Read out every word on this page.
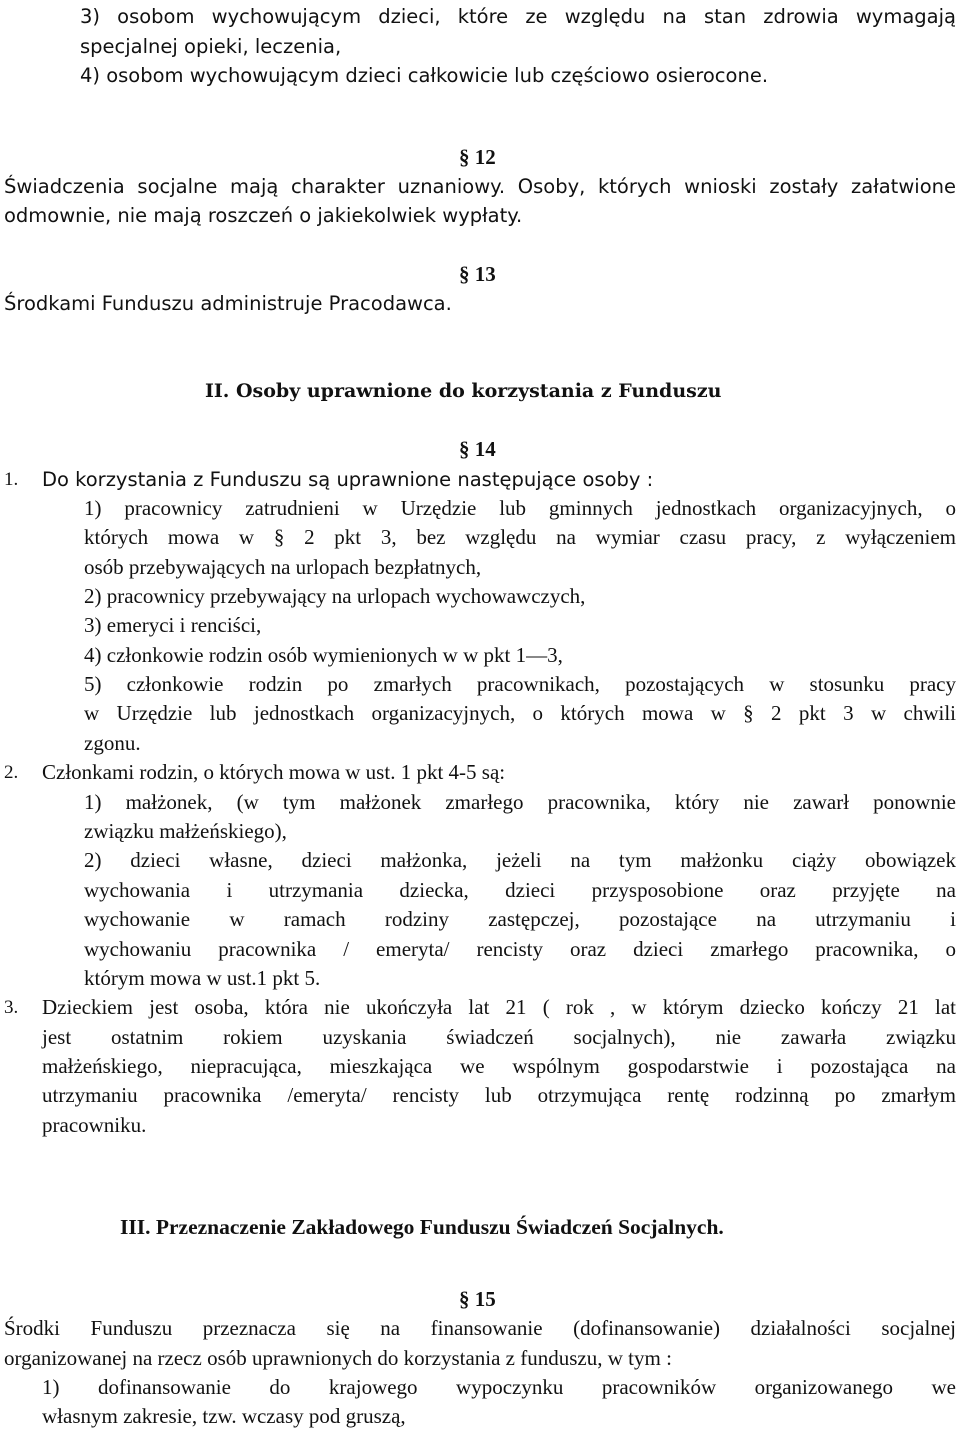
3) osobom wychowującym dzieci, które ze względu na stan zdrowia wymagają
specjalnej opieki, leczenia,
4) osobom wychowującym dzieci całkowicie lub częściowo osierocone.
§ 12
Świadczenia socjalne mają charakter uznaniowy. Osoby, których wnioski zostały załatwione
odmownie, nie mają roszczeń o jakiekolwiek wypłaty.
§ 13
Środkami Funduszu administruje Pracodawca.
II. Osoby uprawnione do korzystania z Funduszu
§ 14
1. Do korzystania z Funduszu są uprawnione następujące osoby :
1) pracownicy zatrudnieni w Urzędzie lub gminnych jednostkach organizacyjnych, o
których mowa w § 2 pkt 3, bez względu na wymiar czasu pracy, z wyłączeniem
osób przebywających na urlopach bezpłatnych,
2) pracownicy przebywający na urlopach wychowawczych,
3) emeryci i renciści,
4) członkowie rodzin osób wymienionych w w pkt 1—3,
5) członkowie rodzin po zmarłych pracownikach, pozostających w stosunku pracy
w Urzędzie lub jednostkach organizacyjnych, o których mowa w § 2 pkt 3 w chwili
zgonu.
2. Członkami rodzin, o których mowa w ust. 1 pkt 4-5 są:
1) małżonek, (w tym małżonek zmarłego pracownika, który nie zawarł ponownie
związku małżeńskiego),
2) dzieci własne, dzieci małżonka, jeżeli na tym małżonku ciąży obowiązek
wychowania i utrzymania dziecka, dzieci przysposobione oraz przyjęte na
wychowanie w ramach rodziny zastępczej, pozostające na utrzymaniu i
wychowaniu pracownika / emeryta/ rencisty oraz dzieci zmarłego pracownika, o
którym mowa w ust.1 pkt 5.
3. Dzieckiem jest osoba, która nie ukończyła lat 21 ( rok , w którym dziecko kończy 21 lat
jest ostatnim rokiem uzyskania świadczeń socjalnych), nie zawarła związku
małżeńskiego, niepracująca, mieszkająca we wspólnym gospodarstwie i pozostająca na
utrzymaniu pracownika /emeryta/ rencisty lub otrzymująca rentę rodzinną po zmarłym
pracowniku.
III. Przeznaczenie Zakładowego Funduszu Świadczeń Socjalnych.
§ 15
Środki Funduszu przeznacza się na finansowanie (dofinansowanie) działalności socjalnej
organizowanej na rzecz osób uprawnionych do korzystania z funduszu, w tym :
1) dofinansowanie do krajowego wypoczynku pracowników organizowanego we
własnym zakresie, tzw. wczasy pod gruszą,
